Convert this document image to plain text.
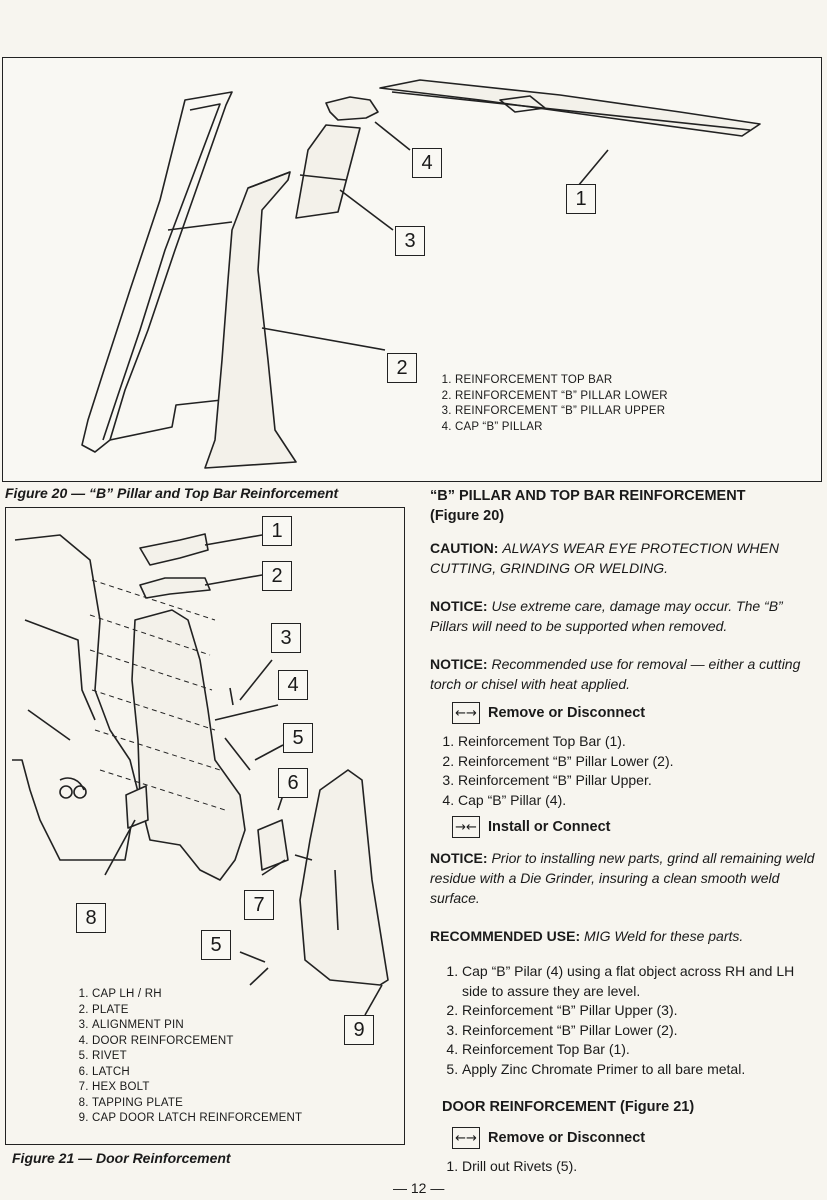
1
4
3
2
1. REINFORCEMENT TOP BAR
2. REINFORCEMENT “B” PILLAR LOWER
3. REINFORCEMENT “B” PILLAR UPPER
4. CAP “B” PILLAR
Figure 20 — “B” Pillar and Top Bar Reinforcement
1
2
3
4
5
6
7
8
5
9
1. CAP LH / RH
2. PLATE
3. ALIGNMENT PIN
4. DOOR REINFORCEMENT
5. RIVET
6. LATCH
7. HEX BOLT
8. TAPPING PLATE
9. CAP DOOR LATCH REINFORCEMENT
Figure 21 — Door Reinforcement

“B” PILLAR AND TOP BAR REINFORCEMENT

(Figure 20)

CAUTION: ALWAYS WEAR EYE PROTECTION WHEN CUTTING, GRINDING OR WELDING.

NOTICE: Use extreme care, damage may occur. The “B” Pillars will need to be supported when removed.

NOTICE: Recommended use for removal — either a cutting torch or chisel with heat applied.

←→ Remove or Disconnect
1. Reinforcement Top Bar (1).
2. Reinforcement “B” Pillar Lower (2).
3. Reinforcement “B” Pillar Upper.
4. Cap “B” Pillar (4).
→← Install or Connect

NOTICE: Prior to installing new parts, grind all remaining weld residue with a Die Grinder, insuring a clean smooth weld surface.

RECOMMENDED USE: MIG Weld for these parts.

1. Cap “B” Pilar (4) using a flat object across RH and LH side to assure they are level.
2. Reinforcement “B” Pillar Upper (3).
3. Reinforcement “B” Pillar Lower (2).
4. Reinforcement Top Bar (1).
5. Apply Zinc Chromate Primer to all bare metal.

DOOR REINFORCEMENT (Figure 21)

←→ Remove or Disconnect
1. Drill out Rivets (5).
— 12 —
